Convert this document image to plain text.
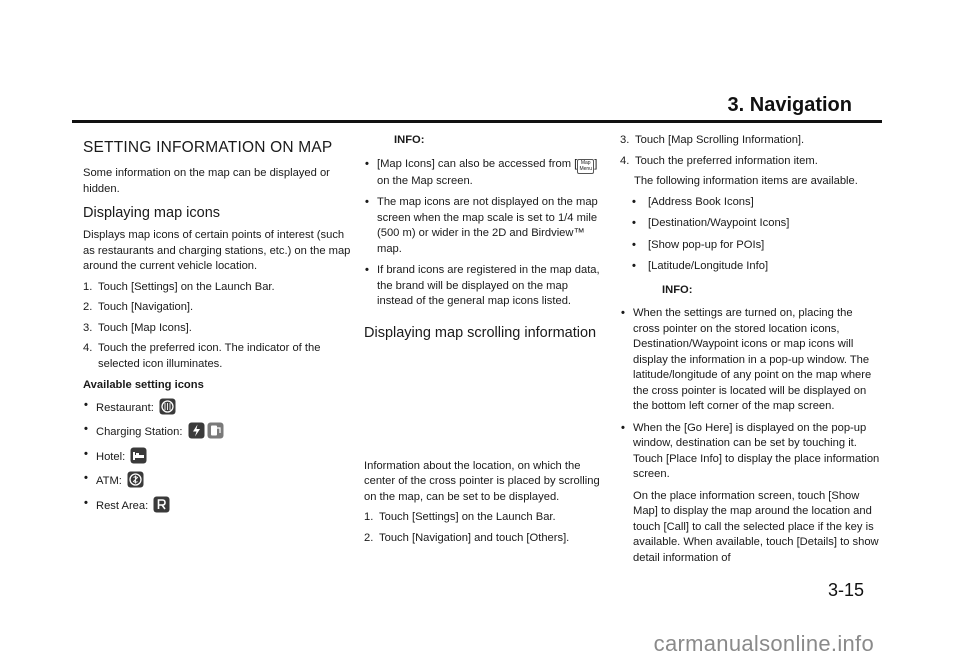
3. Navigation
SETTING INFORMATION ON MAP

Some information on the map can be displayed or hidden.

Displaying map icons

Displays map icons of certain points of interest (such as restaurants and charging stations, etc.) on the map around the current vehicle location.

1. Touch [Settings] on the Launch Bar.
2. Touch [Navigation].
3. Touch [Map Icons].
4. Touch the preferred icon. The indicator of the selected icon illuminates.
Available setting icons
• Restaurant:
• Charging Station:
• Hotel:
• ATM:
• Rest Area:
INFO:
• [Map Icons] can also be accessed from [ Map
Menu ] on the Map screen.
• The map icons are not displayed on the map screen when the map scale is set to 1/4 mile (500 m) or wider in the 2D and Birdview™ map.
• If brand icons are registered in the map data, the brand will be displayed on the map instead of the general map icons listed.
Displaying map scrolling information

Information about the location, on which the center of the cross pointer is placed by scrolling on the map, can be set to be displayed.

1. Touch [Settings] on the Launch Bar.
2. Touch [Navigation] and touch [Others].
3. Touch [Map Scrolling Information].
4. Touch the preferred information item.

The following information items are available.

• [Address Book Icons]
• [Destination/Waypoint Icons]
• [Show pop-up for POIs]
• [Latitude/Longitude Info]
INFO:
• When the settings are turned on, placing the cross pointer on the stored location icons, Destination/Waypoint icons or map icons will display the information in a pop-up window. The latitude/longitude of any point on the map where the cross pointer is located will be displayed on the bottom left corner of the map screen.
• When the [Go Here] is displayed on the pop-up window, destination can be set by touching it. Touch [Place Info] to display the place information screen.

On the place information screen, touch [Show Map] to display the map around the location and touch [Call] to call the selected place if the key is available. When available, touch [Details] to show detail information of

3-15
carmanualsonline.info
